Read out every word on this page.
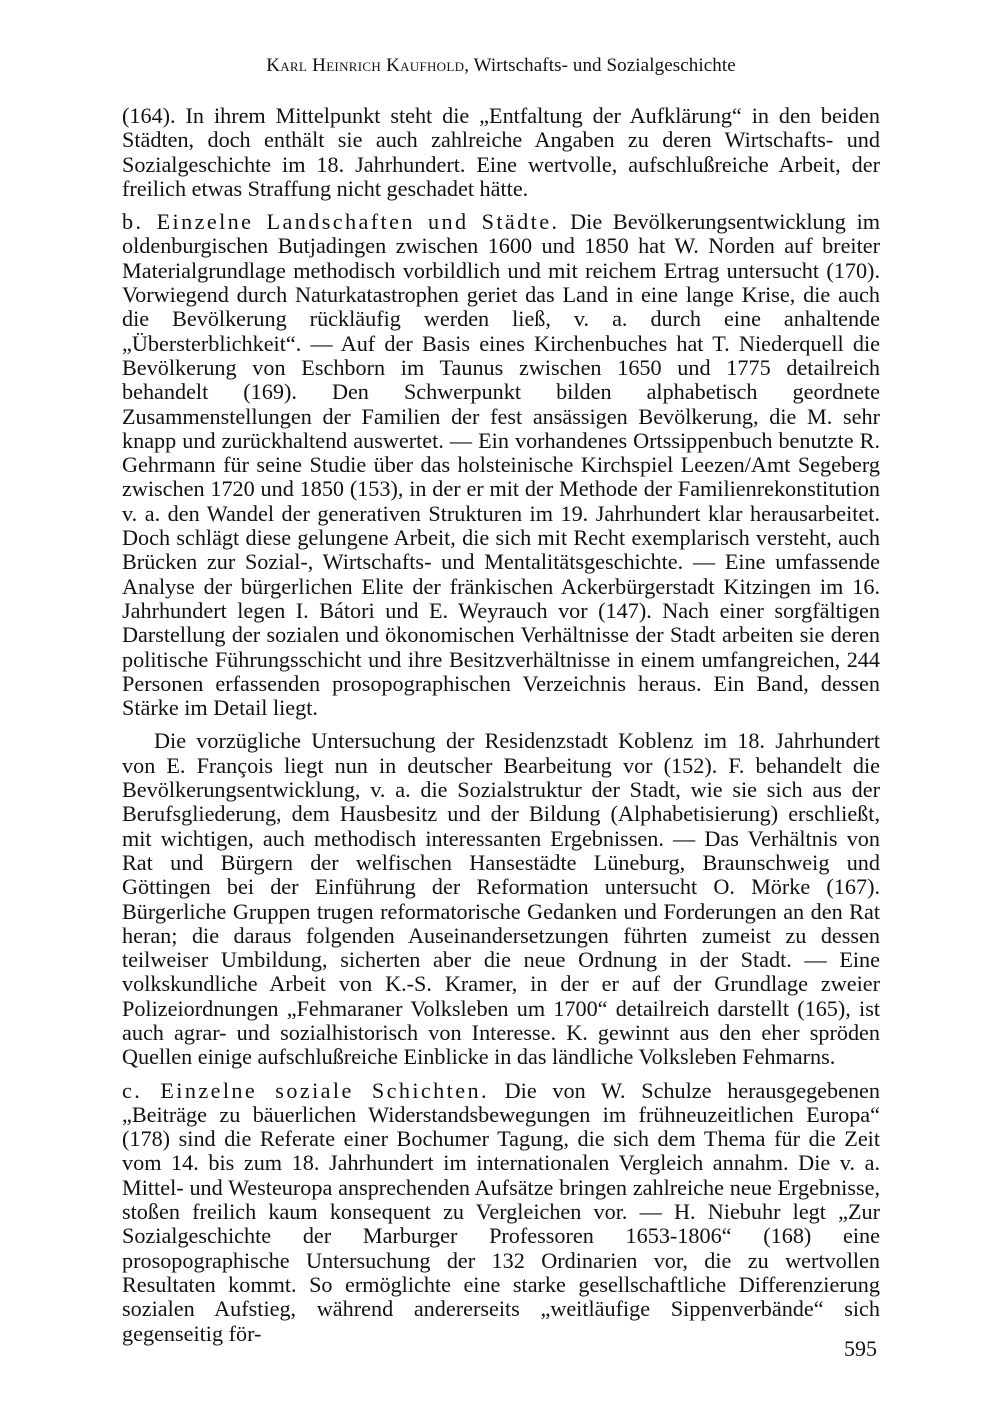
Karl Heinrich Kaufhold, Wirtschafts- und Sozialgeschichte

(164). In ihrem Mittelpunkt steht die „Entfaltung der Aufklärung“ in den beiden Städten, doch enthält sie auch zahlreiche Angaben zu deren Wirtschafts- und Sozialgeschichte im 18. Jahrhundert. Eine wertvolle, aufschlußreiche Arbeit, der freilich etwas Straffung nicht geschadet hätte.

b. Einzelne Landschaften und Städte. Die Bevölkerungsentwicklung im oldenburgischen Butjadingen zwischen 1600 und 1850 hat W. Norden auf breiter Materialgrundlage methodisch vorbildlich und mit reichem Ertrag untersucht (170). Vorwiegend durch Naturkatastrophen geriet das Land in eine lange Krise, die auch die Bevölkerung rückläufig werden ließ, v. a. durch eine anhaltende „Übersterblichkeit“. — Auf der Basis eines Kirchenbuches hat T. Niederquell die Bevölkerung von Eschborn im Taunus zwischen 1650 und 1775 detailreich behandelt (169). Den Schwerpunkt bilden alphabetisch geordnete Zusammenstellungen der Familien der fest ansässigen Bevölkerung, die M. sehr knapp und zurückhaltend auswertet. — Ein vorhandenes Ortssippenbuch benutzte R. Gehrmann für seine Studie über das holsteinische Kirchspiel Leezen/Amt Segeberg zwischen 1720 und 1850 (153), in der er mit der Methode der Familienrekonstitution v. a. den Wandel der generativen Strukturen im 19. Jahrhundert klar herausarbeitet. Doch schlägt diese gelungene Arbeit, die sich mit Recht exemplarisch versteht, auch Brücken zur Sozial-, Wirtschafts- und Mentalitätsgeschichte. — Eine umfassende Analyse der bürgerlichen Elite der fränkischen Ackerbürgerstadt Kitzingen im 16. Jahrhundert legen I. Bátori und E. Weyrauch vor (147). Nach einer sorgfältigen Darstellung der sozialen und ökonomischen Verhältnisse der Stadt arbeiten sie deren politische Führungsschicht und ihre Besitzverhältnisse in einem umfangreichen, 244 Personen erfassenden prosopographischen Verzeichnis heraus. Ein Band, dessen Stärke im Detail liegt.

Die vorzügliche Untersuchung der Residenzstadt Koblenz im 18. Jahrhundert von E. François liegt nun in deutscher Bearbeitung vor (152). F. behandelt die Bevölkerungsentwicklung, v. a. die Sozialstruktur der Stadt, wie sie sich aus der Berufsgliederung, dem Hausbesitz und der Bildung (Alphabetisierung) erschließt, mit wichtigen, auch methodisch interessanten Ergebnissen. — Das Verhältnis von Rat und Bürgern der welfischen Hansestädte Lüneburg, Braunschweig und Göttingen bei der Einführung der Reformation untersucht O. Mörke (167). Bürgerliche Gruppen trugen reformatorische Gedanken und Forderungen an den Rat heran; die daraus folgenden Auseinandersetzungen führten zumeist zu dessen teilweiser Umbildung, sicherten aber die neue Ordnung in der Stadt. — Eine volkskundliche Arbeit von K.-S. Kramer, in der er auf der Grundlage zweier Polizeiordnungen „Fehmaraner Volksleben um 1700“ detailreich darstellt (165), ist auch agrar- und sozialhistorisch von Interesse. K. gewinnt aus den eher spröden Quellen einige aufschlußreiche Einblicke in das ländliche Volksleben Fehmarns.

c. Einzelne soziale Schichten. Die von W. Schulze herausgegebenen „Beiträge zu bäuerlichen Widerstandsbewegungen im frühneuzeitlichen Europa“ (178) sind die Referate einer Bochumer Tagung, die sich dem Thema für die Zeit vom 14. bis zum 18. Jahrhundert im internationalen Vergleich annahm. Die v. a. Mittel- und Westeuropa ansprechenden Aufsätze bringen zahlreiche neue Ergebnisse, stoßen freilich kaum konsequent zu Vergleichen vor. — H. Niebuhr legt „Zur Sozialgeschichte der Marburger Professoren 1653-1806“ (168) eine prosopographische Untersuchung der 132 Ordinarien vor, die zu wertvollen Resultaten kommt. So ermöglichte eine starke gesellschaftliche Differenzierung sozialen Aufstieg, während andererseits „weitläufige Sippenverbände“ sich gegenseitig för-

595
